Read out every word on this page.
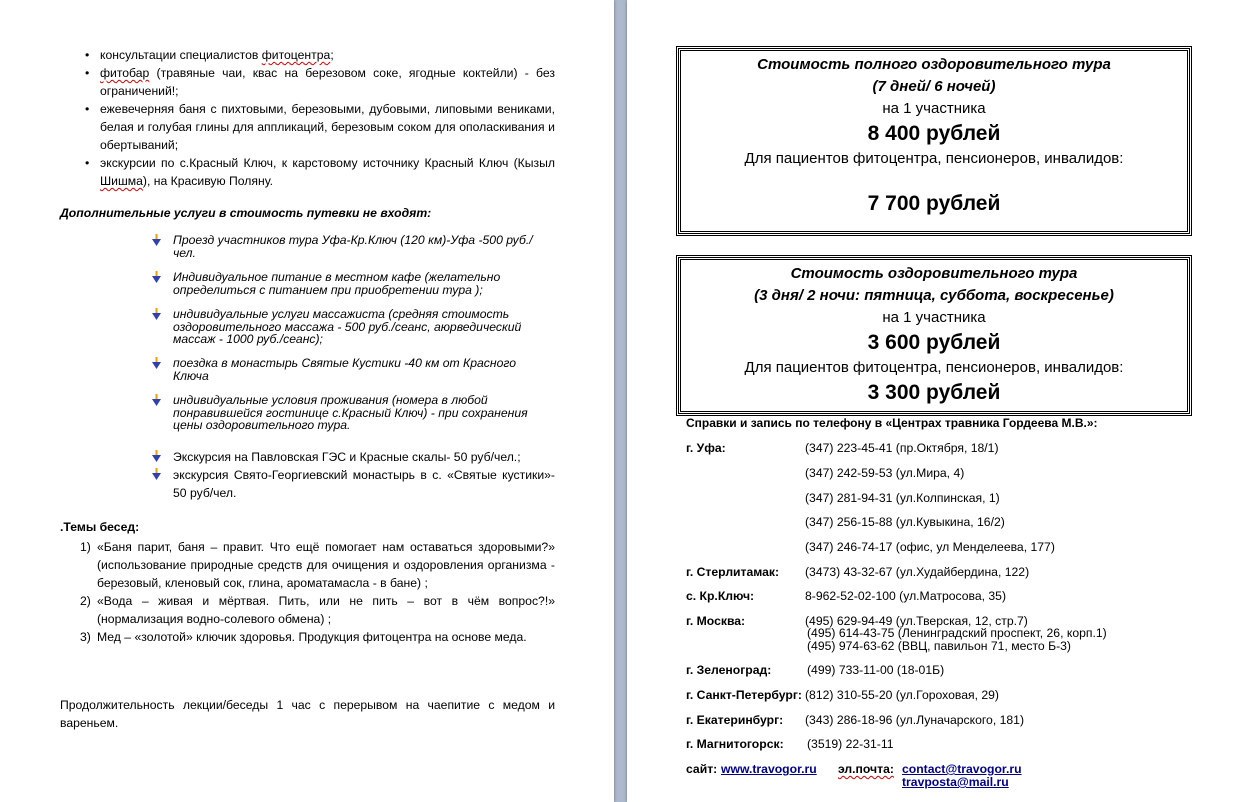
• консультации специалистов фитоцентра;
• фитобар (травяные чаи, квас на березовом соке, ягодные коктейли) - без ограничений!;
• ежевечерняя баня с пихтовыми, березовыми, дубовыми, липовыми вениками, белая и голубая глины для аппликаций, березовым соком для ополаскивания и обертываний;
• экскурсии по с.Красный Ключ, к карстовому источнику Красный Ключ (Кызыл Шишма), на Красивую Поляну.
Дополнительные услуги в стоимость путевки не входят:
Проезд участников тура Уфа-Кр.Ключ (120 км)-Уфа -500 руб./чел.
Индивидуальное питание в местном кафе (желательно определиться с питанием при приобретении тура );
индивидуальные услуги массажиста (средняя стоимость оздоровительного массажа - 500 руб./сеанс, аюрведический массаж - 1000 руб./сеанс);
поездка в монастырь Святые Кустики -40 км от Красного Ключа
индивидуальные условия проживания (номера в любой понравившейся гостинице с.Красный Ключ) - при сохранения цены оздоровительного тура.
Экскурсия на Павловская ГЭС и Красные скалы- 50 руб/чел.;
экскурсия Свято-Георгиевский монастырь в с. «Святые кустики»- 50 руб/чел.
.Темы бесед:
1) «Баня парит, баня – правит. Что ещё помогает нам оставаться здоровыми?» (использование природные средств для очищения и оздоровления организма - березовый, кленовый сок, глина, ароматамасла - в бане) ;
2) «Вода – живая и мёртвая. Пить, или не пить – вот в чём вопрос?!» (нормализация водно-солевого обмена) ;
3) Мед – «золотой» ключик здоровья. Продукция фитоцентра на основе меда.
Продолжительность лекции/беседы 1 час с перерывом на чаепитие с медом и вареньем.
Стоимость полного оздоровительного тура
(7 дней/ 6 ночей)
на 1 участника
8 400 рублей
Для пациентов фитоцентра, пенсионеров, инвалидов:
7 700 рублей
Стоимость оздоровительного тура
(3 дня/ 2 ночи: пятница, суббота, воскресенье)
на 1 участника
3 600 рублей
Для пациентов фитоцентра, пенсионеров, инвалидов:
3 300 рублей
Справки и запись по телефону в «Центрах травника Гордеева М.В.»:
г. Уфа:	(347) 223-45-41 (пр.Октября, 18/1)
(347) 242-59-53 (ул.Мира, 4)
(347) 281-94-31 (ул.Колпинская, 1)
(347) 256-15-88 (ул.Кувыкина, 16/2)
(347) 246-74-17 (офис, ул Менделеева, 177)
г. Стерлитамак: (3473) 43-32-67 (ул.Худайбердина, 122)
с. Кр.Ключ:	8-962-52-02-100 (ул.Матросова, 35)
г. Москва:	(495) 629-94-49 (ул.Тверская, 12, стр.7)
(495) 614-43-75 (Ленинградский проспект, 26, корп.1)
(495) 974-63-62 (ВВЦ, павильон 71, место Б-3)
г. Зеленоград:	(499) 733-11-00 (18-01Б)
г. Санкт-Петербург: (812) 310-55-20 (ул.Гороховая, 29)
г. Екатеринбург: (343) 286-18-96 (ул.Луначарского, 181)
г. Магнитогорск: (3519) 22-31-11
сайт: www.travogor.ru эл.почта: contact@travogor.ru
travposta@mail.ru
